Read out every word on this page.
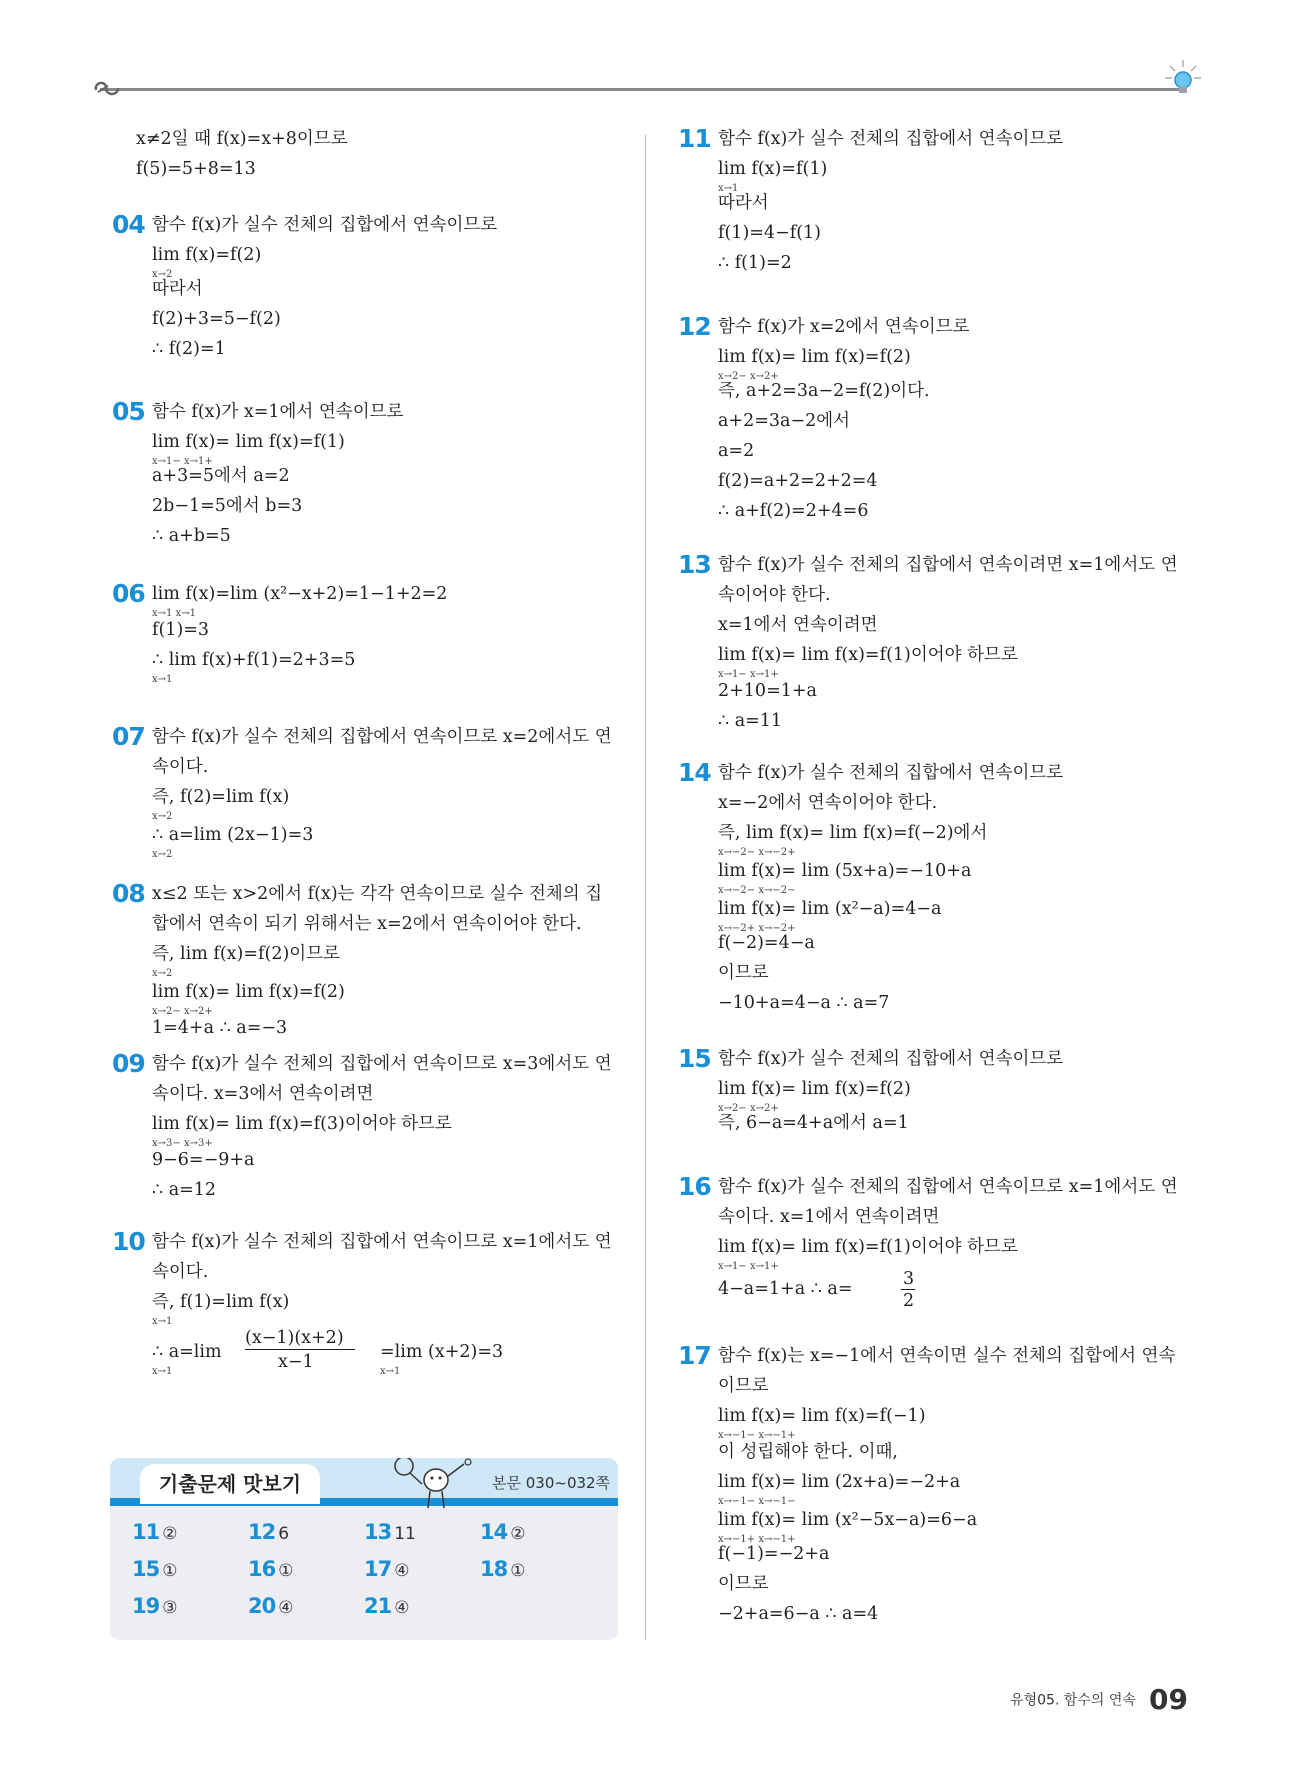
x≠2일 때 f(x)=x+8이므로
f(5)=5+8=13
04 함수 f(x)가 실수 전체의 집합에서 연속이므로
lim f(x)=f(2)
x→2
따라서
f(2)+3=5−f(2)
∴ f(2)=1
05 함수 f(x)가 x=1에서 연속이므로
lim f(x)= lim f(x)=f(1)
x→1− x→1+
a+3=5에서 a=2
2b−1=5에서 b=3
∴ a+b=5
06 lim f(x)=lim (x²−x+2)=1−1+2=2
x→1 x→1
f(1)=3
∴ lim f(x)+f(1)=2+3=5
x→1
07 함수 f(x)가 실수 전체의 집합에서 연속이므로 x=2에서도 연
속이다.
즉, f(2)=lim f(x)
x→2
∴ a=lim (2x−1)=3
x→2
08 x≤2 또는 x>2에서 f(x)는 각각 연속이므로 실수 전체의 집
합에서 연속이 되기 위해서는 x=2에서 연속이어야 한다.
즉, lim f(x)=f(2)이므로
x→2
lim f(x)= lim f(x)=f(2)
x→2− x→2+
1=4+a ∴ a=−3
09 함수 f(x)가 실수 전체의 집합에서 연속이므로 x=3에서도 연
속이다. x=3에서 연속이려면
lim f(x)= lim f(x)=f(3)이어야 하므로
x→3− x→3+
9−6=−9+a
∴ a=12
10 함수 f(x)가 실수 전체의 집합에서 연속이므로 x=1에서도 연
속이다.
즉, f(1)=lim f(x)
x→1
∴ a=lim
x→1
(x−1)(x+2)
x−1	=lim (x+2)=3
x→1
11 함수 f(x)가 실수 전체의 집합에서 연속이므로
lim f(x)=f(1)
x→1
따라서
f(1)=4−f(1)
∴ f(1)=2
12 함수 f(x)가 x=2에서 연속이므로
lim f(x)= lim f(x)=f(2)
x→2− x→2+
즉, a+2=3a−2=f(2)이다.
a+2=3a−2에서
a=2
f(2)=a+2=2+2=4
∴ a+f(2)=2+4=6
13 함수 f(x)가 실수 전체의 집합에서 연속이려면 x=1에서도 연
속이어야 한다.
x=1에서 연속이려면
lim f(x)= lim f(x)=f(1)이어야 하므로
x→1− x→1+
2+10=1+a
∴ a=11
14 함수 f(x)가 실수 전체의 집합에서 연속이므로
x=−2에서 연속이어야 한다.
즉, lim f(x)= lim f(x)=f(−2)에서
x→−2− x→−2+
lim f(x)= lim (5x+a)=−10+a
x→−2− x→−2−
lim f(x)= lim (x²−a)=4−a
x→−2+ x→−2+
f(−2)=4−a
이므로
−10+a=4−a ∴ a=7
15 함수 f(x)가 실수 전체의 집합에서 연속이므로
lim f(x)= lim f(x)=f(2)
x→2− x→2+
즉, 6−a=4+a에서 a=1
16 함수 f(x)가 실수 전체의 집합에서 연속이므로 x=1에서도 연
속이다. x=1에서 연속이려면
lim f(x)= lim f(x)=f(1)이어야 하므로
x→1− x→1+
4−a=1+a ∴ a=	3
2
17 함수 f(x)는 x=−1에서 연속이면 실수 전체의 집합에서 연속
이므로
lim f(x)= lim f(x)=f(−1)
x→−1− x→−1+
이 성립해야 한다. 이때,
lim f(x)= lim (2x+a)=−2+a
x→−1− x→−1−
lim f(x)= lim (x²−5x−a)=6−a
x→−1+ x→−1+
f(−1)=−2+a
이므로
−2+a=6−a ∴ a=4
기출문제 맛보기	본문 030~032쪽
11 ②	12 6	13 11	14 ②
15 ①	16 ①	17 ④	18 ①
19 ③	20 ④	21 ④
유형05. 함수의 연속 09
